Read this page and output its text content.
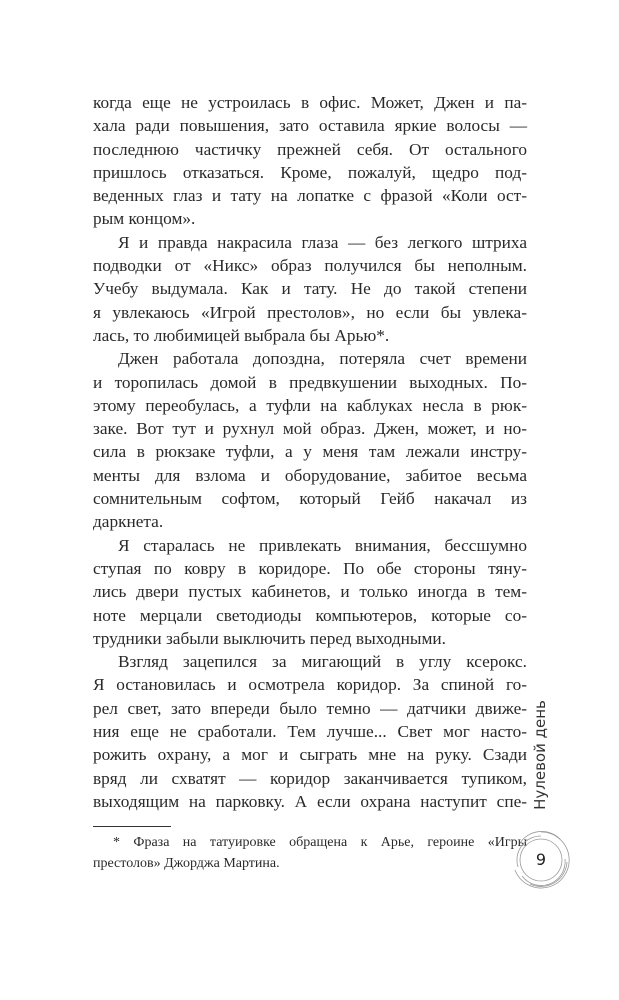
когда еще не устроилась в офис. Может, Джен и па-
хала ради повышения, зато оставила яркие волосы —
последнюю частичку прежней себя. От остального
пришлось отказаться. Кроме, пожалуй, щедро под-
веденных глаз и тату на лопатке с фразой «Коли ост-
рым концом».
Я и правда накрасила глаза — без легкого штриха
подводки от «Никс» образ получился бы неполным.
Учебу выдумала. Как и тату. Не до такой степени
я увлекаюсь «Игрой престолов», но если бы увлека-
лась, то любимицей выбрала бы Арью*.
Джен работала допоздна, потеряла счет времени
и торопилась домой в предвкушении выходных. По-
этому переобулась, а туфли на каблуках несла в рюк-
заке. Вот тут и рухнул мой образ. Джен, может, и но-
сила в рюкзаке туфли, а у меня там лежали инстру-
менты для взлома и оборудование, забитое весьма
сомнительным софтом, который Гейб накачал из
даркнета.
Я старалась не привлекать внимания, бессшумно
ступая по ковру в коридоре. По обе стороны тяну-
лись двери пустых кабинетов, и только иногда в тем-
ноте мерцали светодиоды компьютеров, которые со-
трудники забыли выключить перед выходными.
Взгляд зацепился за мигающий в углу ксерокс.
Я остановилась и осмотрела коридор. За спиной го-
рел свет, зато впереди было темно — датчики движе-
ния еще не сработали. Тем лучше... Свет мог насто-
рожить охрану, а мог и сыграть мне на руку. Сзади
вряд ли схватят — коридор заканчивается тупиком,
выходящим на парковку. А если охрана наступит спе-
* Фраза на татуировке обращена к Арье, героине «Игры
престолов» Джорджа Мартина.
Нулевой день
9
